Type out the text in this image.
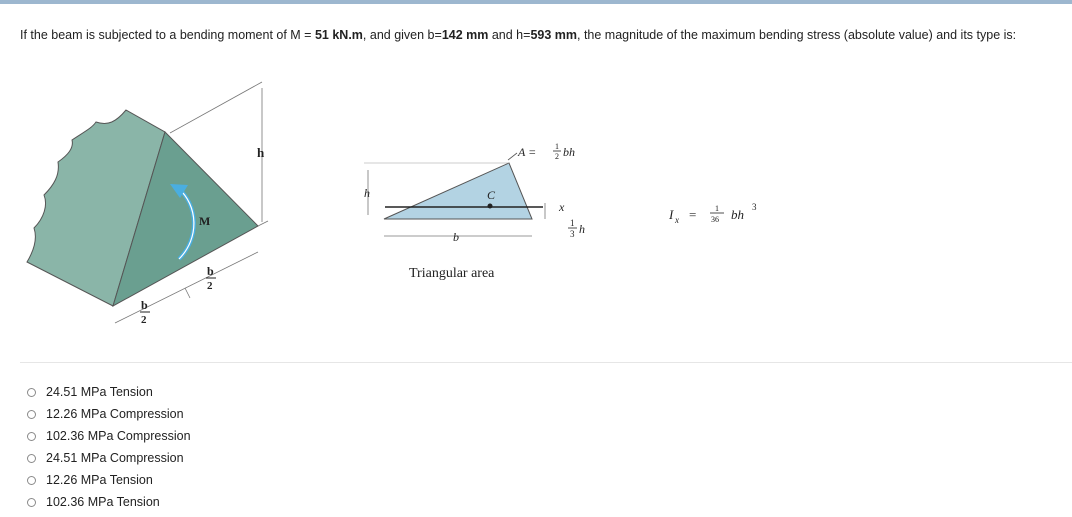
If the beam is subjected to a bending moment of M = 51 kN.m, and given b=142 mm and h=593 mm, the magnitude of the maximum bending stress (absolute value) and its type is:
h
M
b
2
b
2
C
x
h
b
1
3 h
A = 1
2 bh
Triangular area
I x = 1
36 bh 3
24.51 MPa Tension
12.26 MPa Compression
102.36 MPa Compression
24.51 MPa Compression
12.26 MPa Tension
102.36 MPa Tension
